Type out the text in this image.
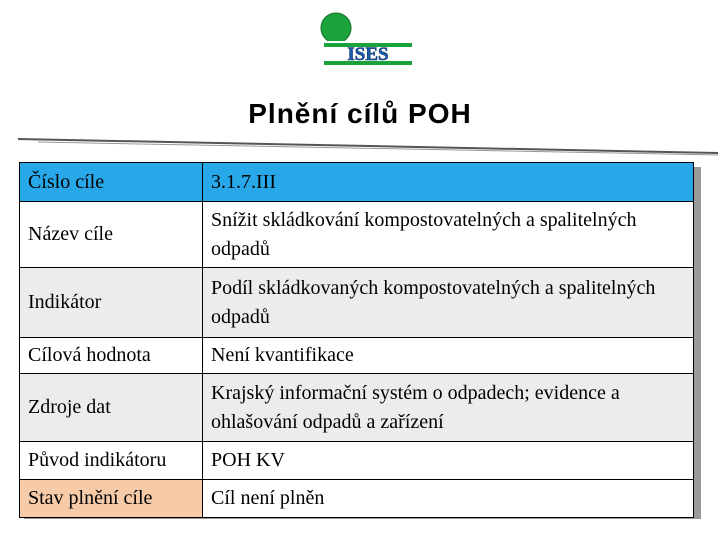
ISES
Plnění cílů POH
Číslo cíle	3.1.7.III
Název cíle	Snížit skládkování kompostovatelných a spalitelných odpadů
Indikátor	Podíl skládkovaných kompostovatelných a spalitelných odpadů
Cílová hodnota	Není kvantifikace
Zdroje dat	Krajský informační systém o odpadech; evidence a ohlašování odpadů a zařízení
Původ indikátoru	POH KV
Stav plnění cíle	Cíl není plněn
